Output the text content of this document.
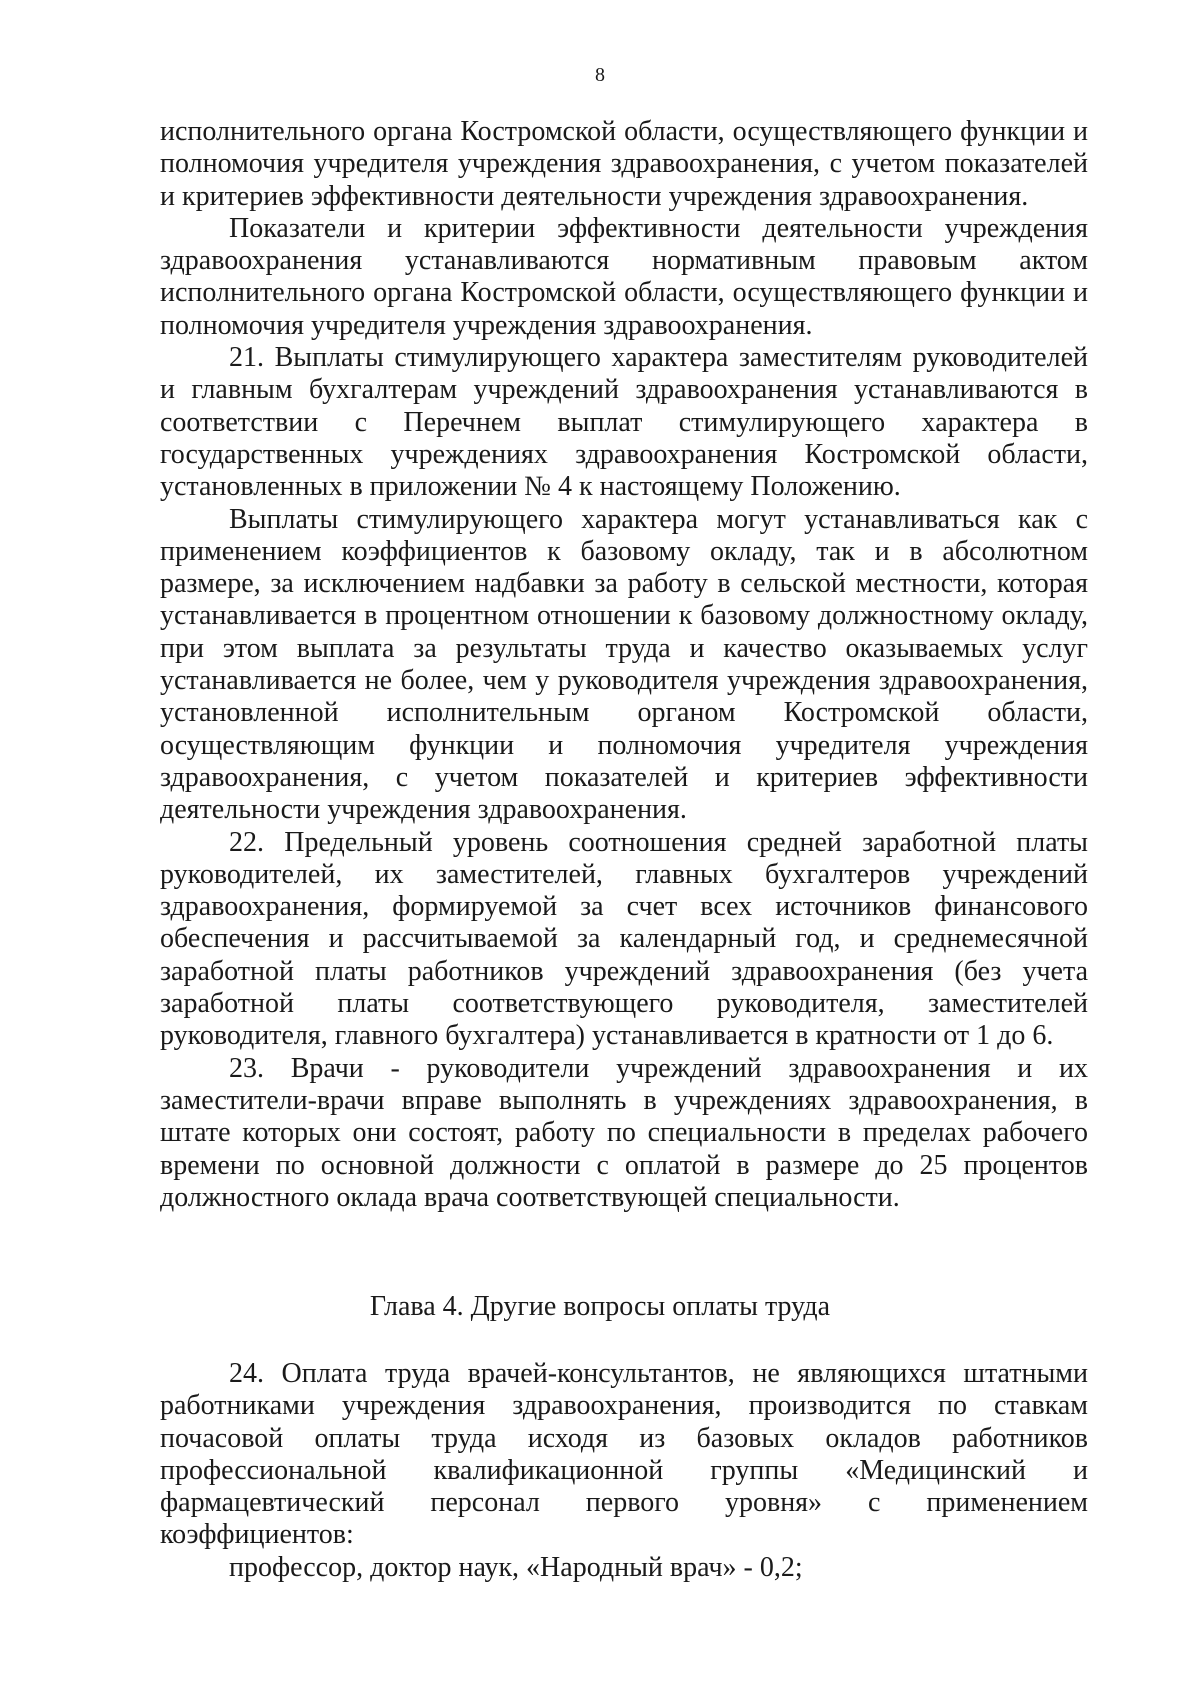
8

исполнительного органа Костромской области, осуществляющего функции и полномочия учредителя учреждения здравоохранения, с учетом показателей и критериев эффективности деятельности учреждения здравоохранения.

Показатели и критерии эффективности деятельности учреждения здравоохранения устанавливаются нормативным правовым актом исполнительного органа Костромской области, осуществляющего функции и полномочия учредителя учреждения здравоохранения.

21. Выплаты стимулирующего характера заместителям руководителей и главным бухгалтерам учреждений здравоохранения устанавливаются в соответствии с Перечнем выплат стимулирующего характера в государственных учреждениях здравоохранения Костромской области, установленных в приложении № 4 к настоящему Положению.

Выплаты стимулирующего характера могут устанавливаться как с применением коэффициентов к базовому окладу, так и в абсолютном размере, за исключением надбавки за работу в сельской местности, которая устанавливается в процентном отношении к базовому должностному окладу, при этом выплата за результаты труда и качество оказываемых услуг устанавливается не более, чем у руководителя учреждения здравоохранения, установленной исполнительным органом Костромской области, осуществляющим функции и полномочия учредителя учреждения здравоохранения, с учетом показателей и критериев эффективности деятельности учреждения здравоохранения.

22. Предельный уровень соотношения средней заработной платы руководителей, их заместителей, главных бухгалтеров учреждений здравоохранения, формируемой за счет всех источников финансового обеспечения и рассчитываемой за календарный год, и среднемесячной заработной платы работников учреждений здравоохранения (без учета заработной платы соответствующего руководителя, заместителей руководителя, главного бухгалтера) устанавливается в кратности от 1 до 6.

23. Врачи - руководители учреждений здравоохранения и их заместители-врачи вправе выполнять в учреждениях здравоохранения, в штате которых они состоят, работу по специальности в пределах рабочего времени по основной должности с оплатой в размере до 25 процентов должностного оклада врача соответствующей специальности.

Глава 4. Другие вопросы оплаты труда

24. Оплата труда врачей-консультантов, не являющихся штатными работниками учреждения здравоохранения, производится по ставкам почасовой оплаты труда исходя из базовых окладов работников профессиональной квалификационной группы «Медицинский и фармацевтический персонал первого уровня» с применением коэффициентов:

профессор, доктор наук, «Народный врач» - 0,2;
